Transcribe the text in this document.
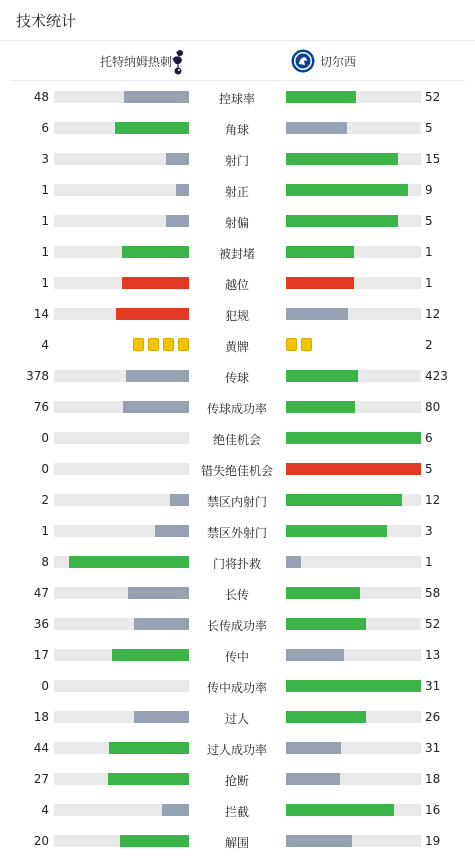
技术统计
托特纳姆热刺	切尔西
48	控球率	52
6	角球	5
3	射门	15
1	射正	9
1	射偏	5
1	被封堵	1
1	越位	1
14	犯规	12
4	黄牌	2
378	传球	423
76	传球成功率	80
0	绝佳机会	6
0	错失绝佳机会	5
2	禁区内射门	12
1	禁区外射门	3
8	门将扑救	1
47	长传	58
36	长传成功率	52
17	传中	13
0	传中成功率	31
18	过人	26
44	过人成功率	31
27	抢断	18
4	拦截	16
20	解围	19
